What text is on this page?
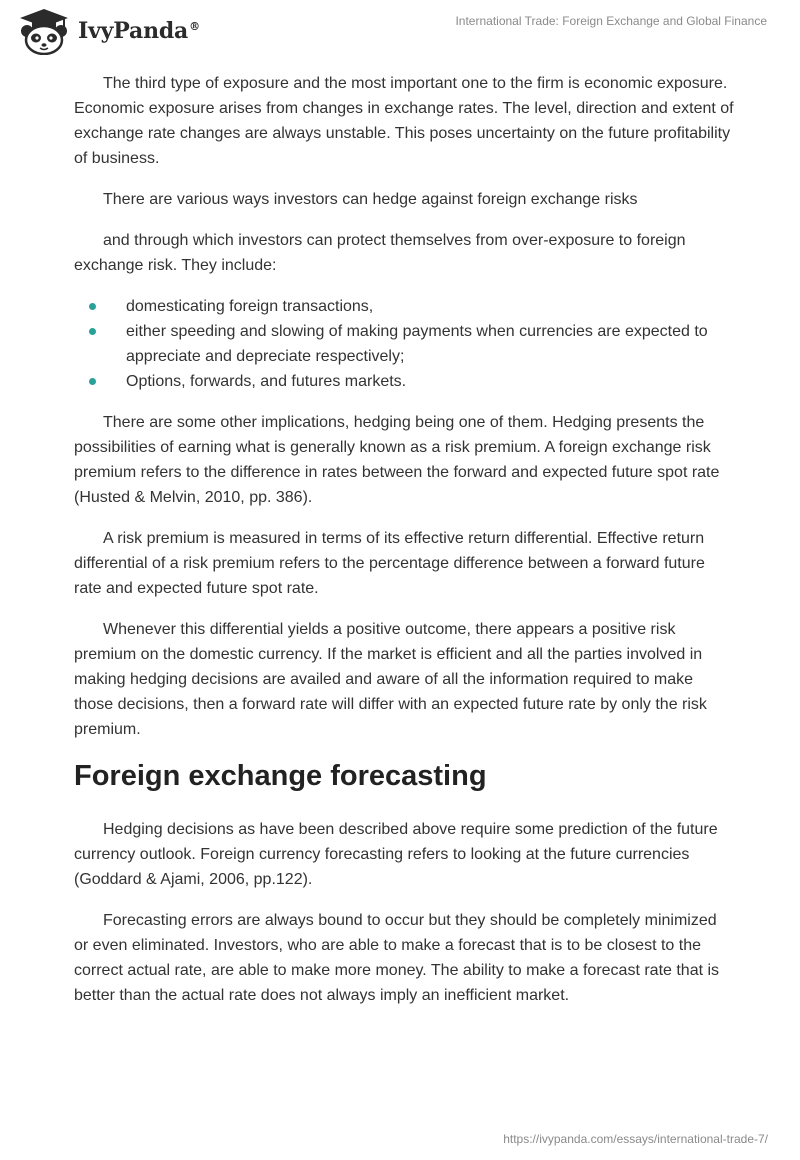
IvyPanda®	International Trade: Foreign Exchange and Global Finance

The third type of exposure and the most important one to the firm is economic exposure. Economic exposure arises from changes in exchange rates. The level, direction and extent of exchange rate changes are always unstable. This poses uncertainty on the future profitability of business.

There are various ways investors can hedge against foreign exchange risks

and through which investors can protect themselves from over-exposure to foreign exchange risk. They include:

domesticating foreign transactions,
either speeding and slowing of making payments when currencies are expected to appreciate and depreciate respectively;
Options, forwards, and futures markets.

There are some other implications, hedging being one of them. Hedging presents the possibilities of earning what is generally known as a risk premium. A foreign exchange risk premium refers to the difference in rates between the forward and expected future spot rate (Husted & Melvin, 2010, pp. 386).

A risk premium is measured in terms of its effective return differential. Effective return differential of a risk premium refers to the percentage difference between a forward future rate and expected future spot rate.

Whenever this differential yields a positive outcome, there appears a positive risk premium on the domestic currency. If the market is efficient and all the parties involved in making hedging decisions are availed and aware of all the information required to make those decisions, then a forward rate will differ with an expected future rate by only the risk premium.

Foreign exchange forecasting

Hedging decisions as have been described above require some prediction of the future currency outlook. Foreign currency forecasting refers to looking at the future currencies (Goddard & Ajami, 2006, pp.122).

Forecasting errors are always bound to occur but they should be completely minimized or even eliminated. Investors, who are able to make a forecast that is to be closest to the correct actual rate, are able to make more money. The ability to make a forecast rate that is better than the actual rate does not always imply an inefficient market.

https://ivypanda.com/essays/international-trade-7/
